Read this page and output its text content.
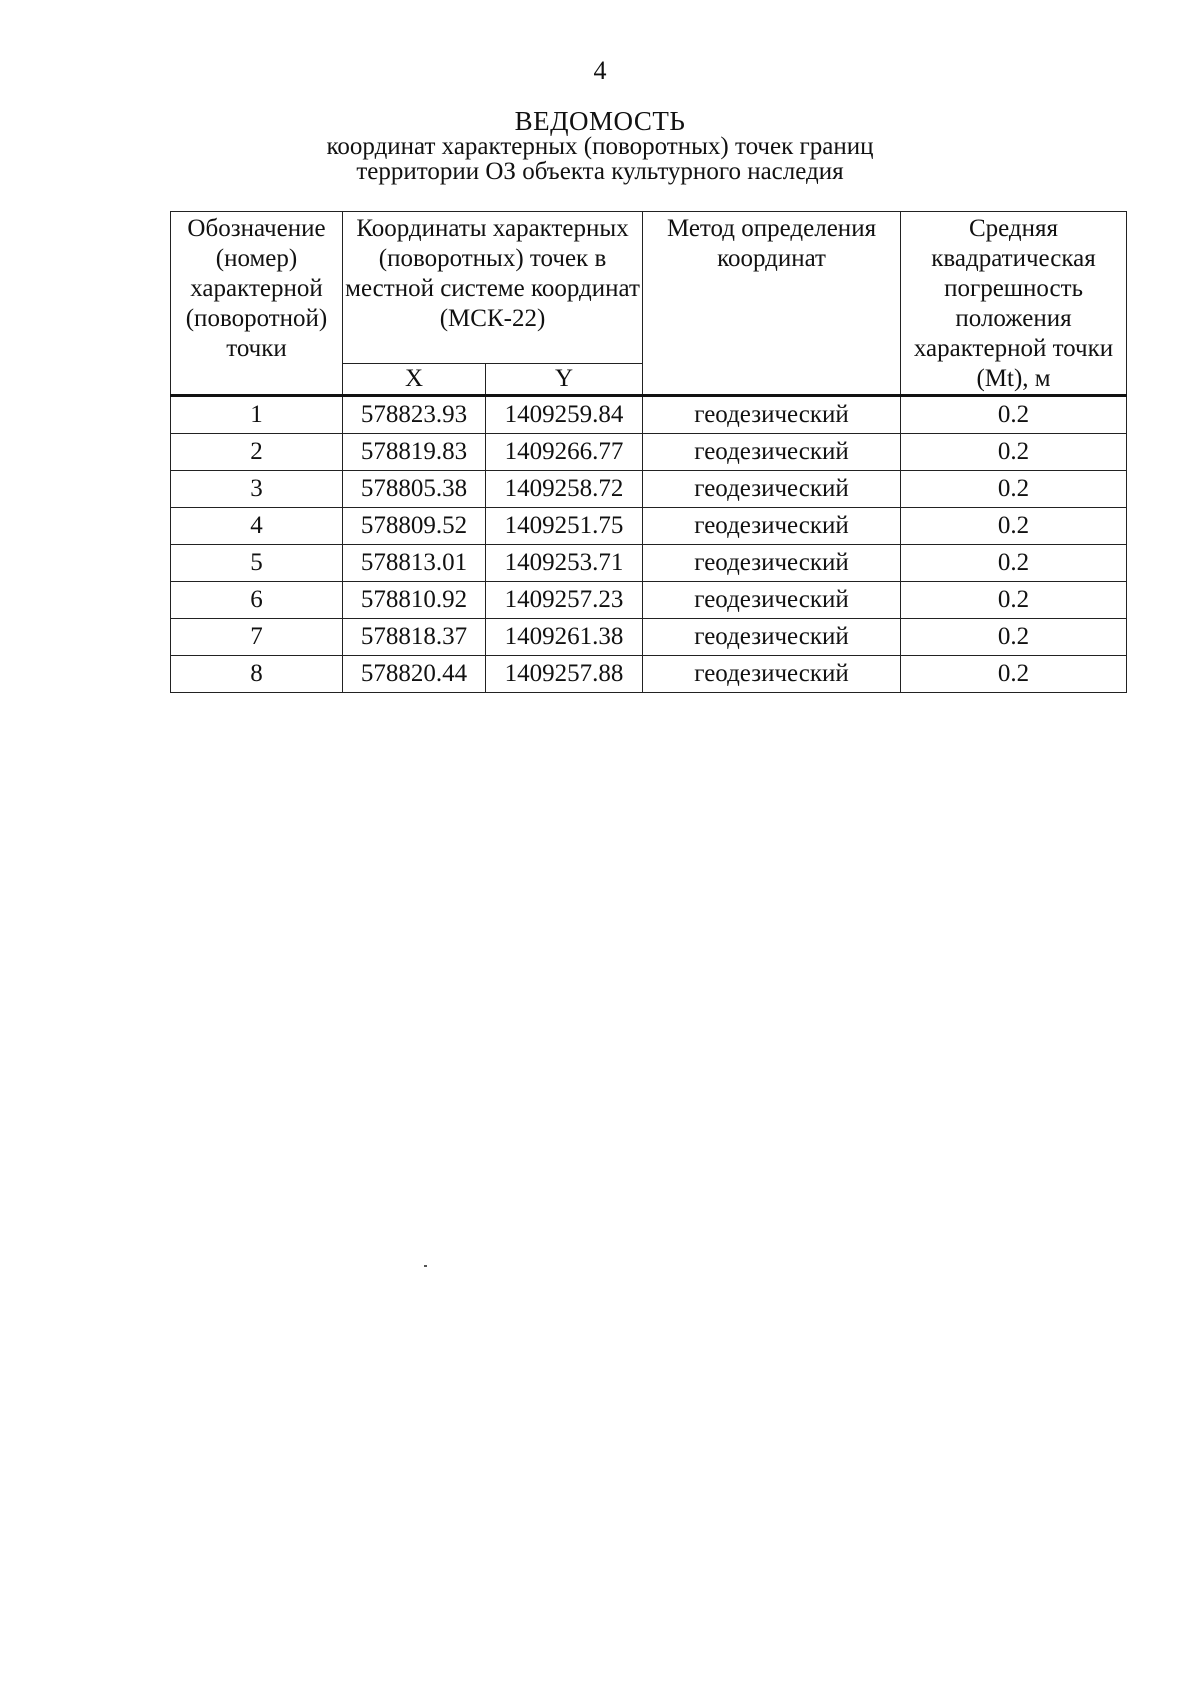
4
ВЕДОМОСТЬ
координат характерных (поворотных) точек границ
территории ОЗ объекта культурного наследия
Обозначение (номер) характерной (поворотной) точки	Координаты характерных (поворотных) точек в местной системе координат (МСК-22)		Метод определения координат	Средняя квадратическая погрешность положения характерной точки (Mt), м
	X	Y		
1	578823.93	1409259.84	геодезический	0.2
2	578819.83	1409266.77	геодезический	0.2
3	578805.38	1409258.72	геодезический	0.2
4	578809.52	1409251.75	геодезический	0.2
5	578813.01	1409253.71	геодезический	0.2
6	578810.92	1409257.23	геодезический	0.2
7	578818.37	1409261.38	геодезический	0.2
8	578820.44	1409257.88	геодезический	0.2
